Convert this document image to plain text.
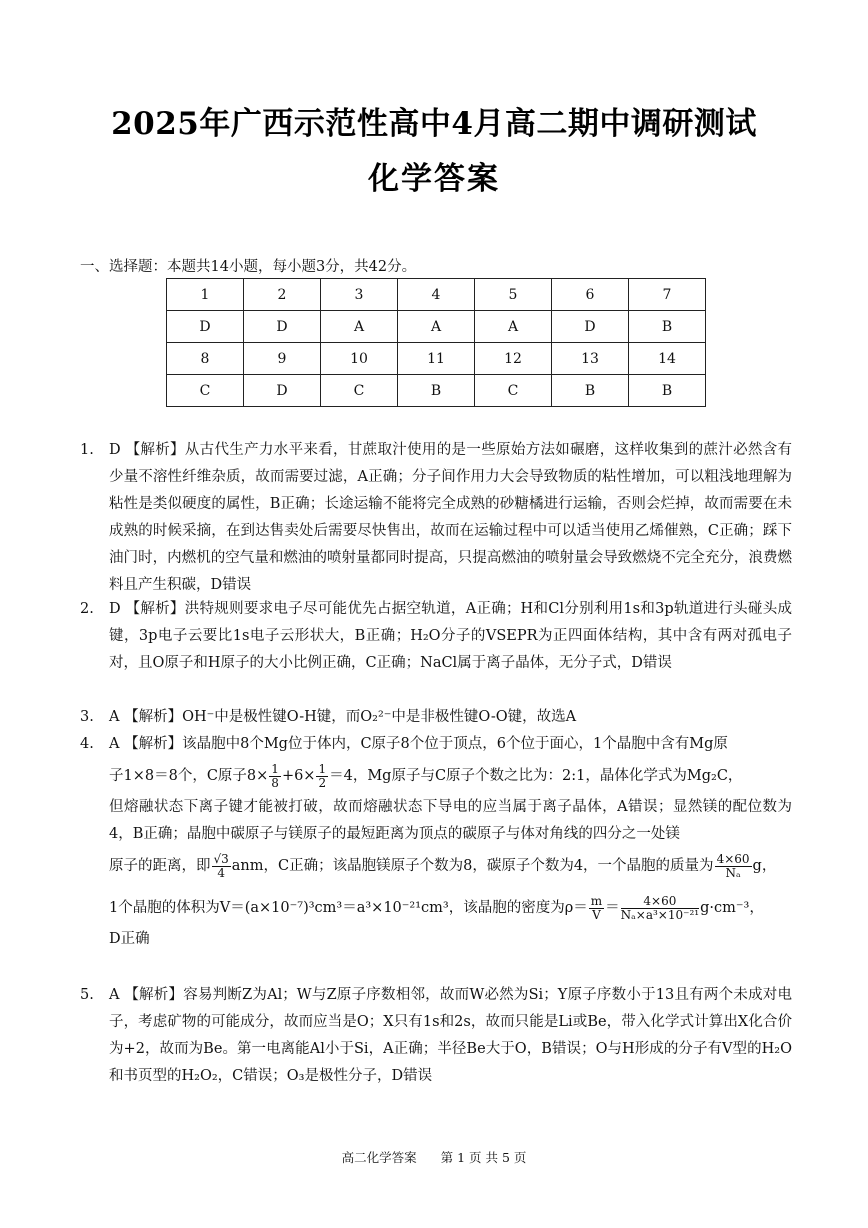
2025年广西示范性高中4月高二期中调研测试
化学答案
一、选择题：本题共14小题，每小题3分，共42分。
1	2	3	4	5	6	7
D	D	A	A	A	D	B
8	9	10	11	12	13	14
C	D	C	B	C	B	B
1.	D 【解析】从古代生产力水平来看，甘蔗取汁使用的是一些原始方法如碾磨，这样收集到的蔗汁必然含有少量不溶性纤维杂质，故而需要过滤，A正确；分子间作用力大会导致物质的粘性增加，可以粗浅地理解为粘性是类似硬度的属性，B正确；长途运输不能将完全成熟的砂糖橘进行运输，否则会烂掉，故而需要在未成熟的时候采摘，在到达售卖处后需要尽快售出，故而在运输过程中可以适当使用乙烯催熟，C正确；踩下油门时，内燃机的空气量和燃油的喷射量都同时提高，只提高燃油的喷射量会导致燃烧不完全充分，浪费燃料且产生积碳，D错误
2.	D 【解析】洪特规则要求电子尽可能优先占据空轨道，A正确；H和Cl分别利用1s和3p轨道进行头碰头成键，3p电子云要比1s电子云形状大，B正确；H₂O分子的VSEPR为正四面体结构，其中含有两对孤电子对，且O原子和H原子的大小比例正确，C正确；NaCl属于离子晶体，无分子式，D错误
3.	A 【解析】OH⁻中是极性键O-H键，而O₂²⁻中是非极性键O-O键，故选A
4.	A 【解析】该晶胞中8个Mg位于体内，C原子8个位于顶点，6个位于面心，1个晶胞中含有Mg原
子1×8＝8个，C原子$8\times \frac{1}{8} +6\times \frac{1}{2} =4$，Mg原子与C原子个数之比为：2:1，晶体化学式为Mg₂C，
但熔融状态下离子键才能被打破，故而熔融状态下导电的应当属于离子晶体，A错误；显然镁的配位数为4，B正确；晶胞中碳原子与镁原子的最短距离为顶点的碳原子与体对角线的四分之一处镁
原子的距离，即 $\frac{√3}{4}$ anm，C正确；该晶胞镁原子个数为8，碳原子个数为4，一个晶胞的质量为 $\frac{4\times 60}{\text{Nₐ}}$ g，
1个晶胞的体积为V＝(a×10⁻⁷)³cm³＝a³×10⁻²¹cm³，该晶胞的密度为$\rho= \frac{m}{V} = \frac{4\times 60}{\text{Nₐ×a³×10⁻²¹}} g\cdot cm^{-3}$，
D正确
5.	A 【解析】容易判断Z为Al；W与Z原子序数相邻，故而W必然为Si；Y原子序数小于13且有两个未成对电子，考虑矿物的可能成分，故而应当是O；X只有1s和2s，故而只能是Li或Be，带入化学式计算出X化合价为+2，故而为Be。第一电离能Al小于Si，A正确；半径Be大于O，B错误；O与H形成的分子有V型的H₂O和书页型的H₂O₂，C错误；O₃是极性分子，D错误
高二化学答案 第 1 页 共 5 页
